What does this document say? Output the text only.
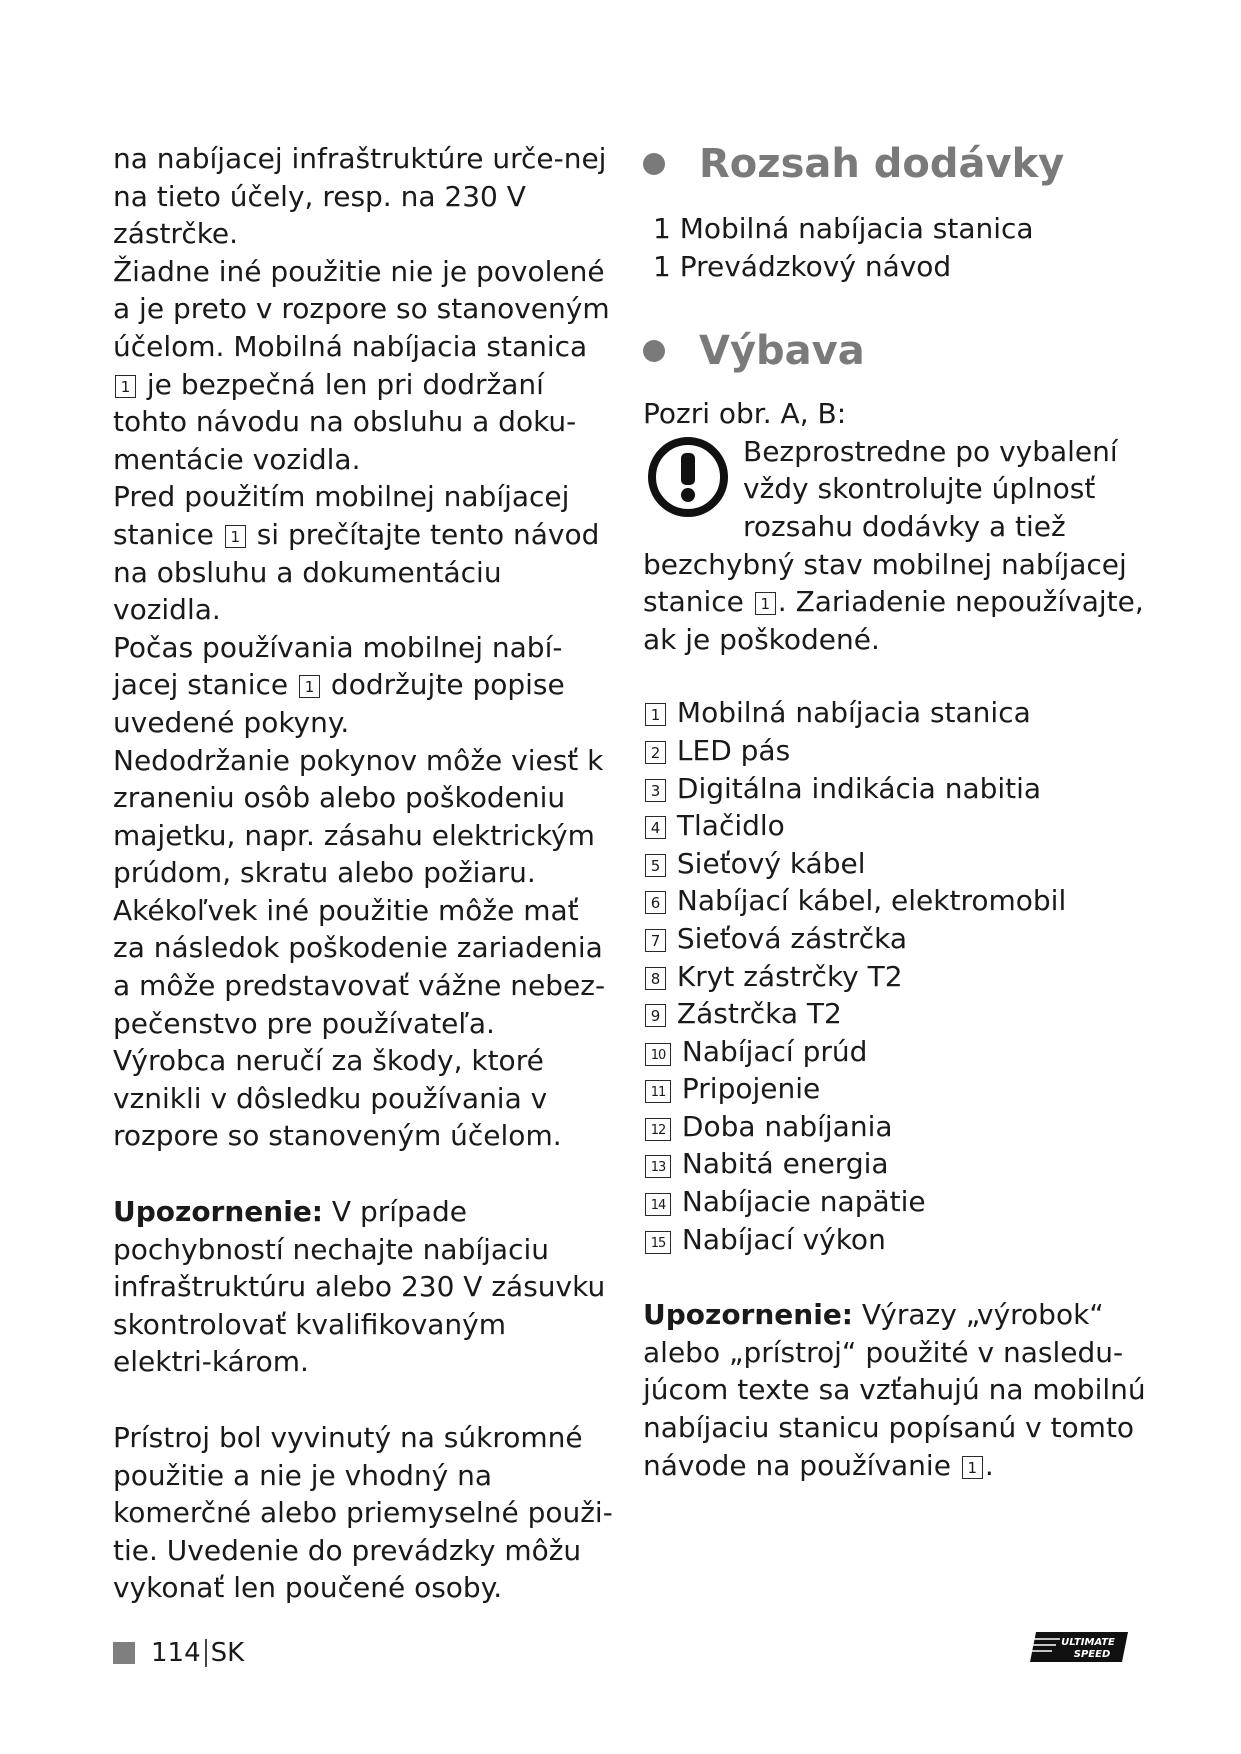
na nabíjacej infraštruktúre urče-nej na tieto účely, resp. na 230 V zástrčke.

Žiadne iné použitie nie je povolené a je preto v rozpore so stanoveným účelom. Mobilná nabíjacia stanica 1 je bezpečná len pri dodržaní tohto návodu na obsluhu a doku-mentácie vozidla.

Pred použitím mobilnej nabíjacej stanice 1 si prečítajte tento návod na obsluhu a dokumentáciu vozidla.

Počas používania mobilnej nabí-jacej stanice 1 dodržujte popise uvedené pokyny.

Nedodržanie pokynov môže viesť k zraneniu osôb alebo poškodeniu majetku, napr. zásahu elektrickým prúdom, skratu alebo požiaru.

Akékoľvek iné použitie môže mať za následok poškodenie zariadenia a môže predstavovať vážne nebez-pečenstvo pre používateľa. Výrobca neručí za škody, ktoré vznikli v dôsledku používania v rozpore so stanoveným účelom.

Upozornenie: V prípade pochybností nechajte nabíjaciu infraštruktúru alebo 230 V zásuvku skontrolovať kvalifikovaným elektri-károm.

Prístroj bol vyvinutý na súkromné použitie a nie je vhodný na komerčné alebo priemyselné použi-tie. Uvedenie do prevádzky môžu vykonať len poučené osoby.

Rozsah dodávky

1 Mobilná nabíjacia stanica

1 Prevádzkový návod

Výbava

Pozri obr. A, B:

Bezprostredne po vybalení vždy skontrolujte úplnosť rozsahu dodávky a tiež bezchybný stav mobilnej nabíjacej stanice 1 . Zariadenie nepoužívajte, ak je poškodené.

1 Mobilná nabíjacia stanica
2 LED pás
3 Digitálna indikácia nabitia
4 Tlačidlo
5 Sieťový kábel
6 Nabíjací kábel, elektromobil
7 Sieťová zástrčka
8 Kryt zástrčky T2
9 Zástrčka T2
10 Nabíjací prúd
11 Pripojenie
12 Doba nabíjania
13 Nabitá energia
14 Nabíjacie napätie
15 Nabíjací výkon

Upozornenie: Výrazy „výrobok“ alebo „prístroj“ použité v nasledu-júcom texte sa vzťahujú na mobilnú nabíjaciu stanicu popísanú v tomto návode na používanie 1 .

114 SK	ULTIMATE
SPEED
